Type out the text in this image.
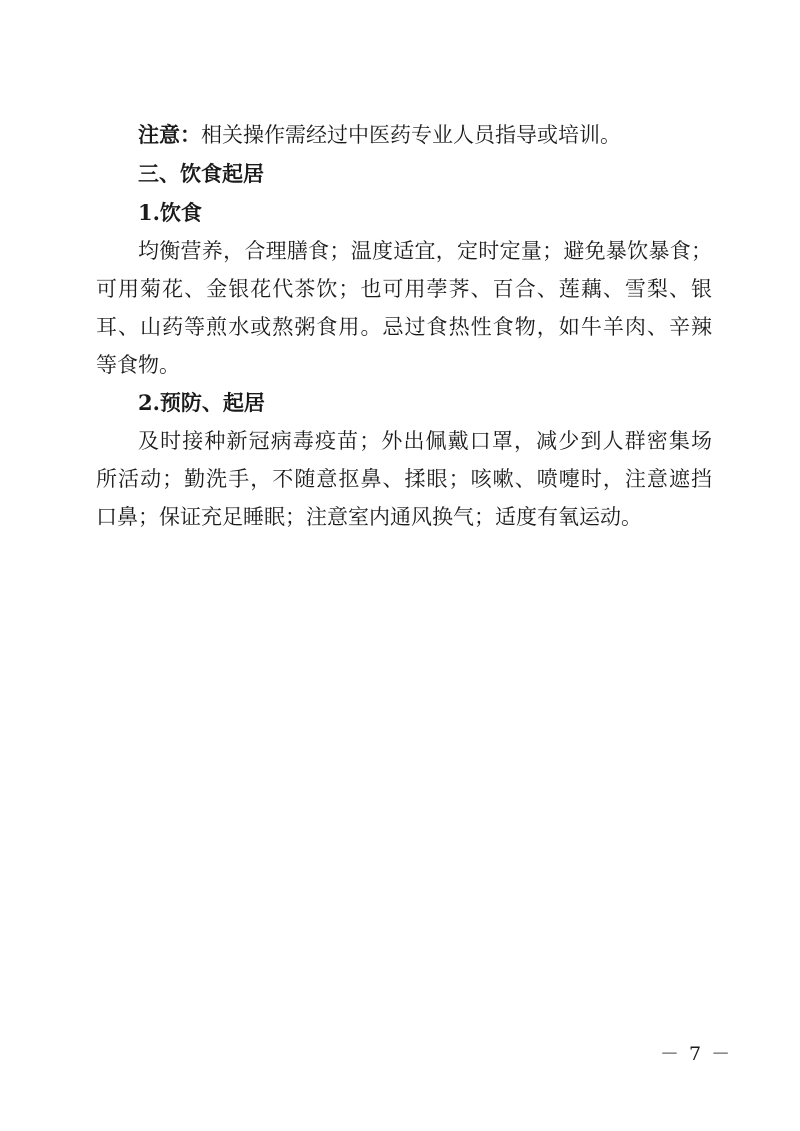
注意：相关操作需经过中医药专业人员指导或培训。
三、饮食起居
1.饮食
均衡营养，合理膳食；温度适宜，定时定量；避免暴饮暴食；
可用菊花、金银花代茶饮；也可用荸荠、百合、莲藕、雪梨、银
耳、山药等煎水或熬粥食用。忌过食热性食物，如牛羊肉、辛辣
等食物。
2.预防、起居
及时接种新冠病毒疫苗；外出佩戴口罩，减少到人群密集场
所活动；勤洗手，不随意抠鼻、揉眼；咳嗽、喷嚏时，注意遮挡
口鼻；保证充足睡眠；注意室内通风换气；适度有氧运动。
－ 7 －
